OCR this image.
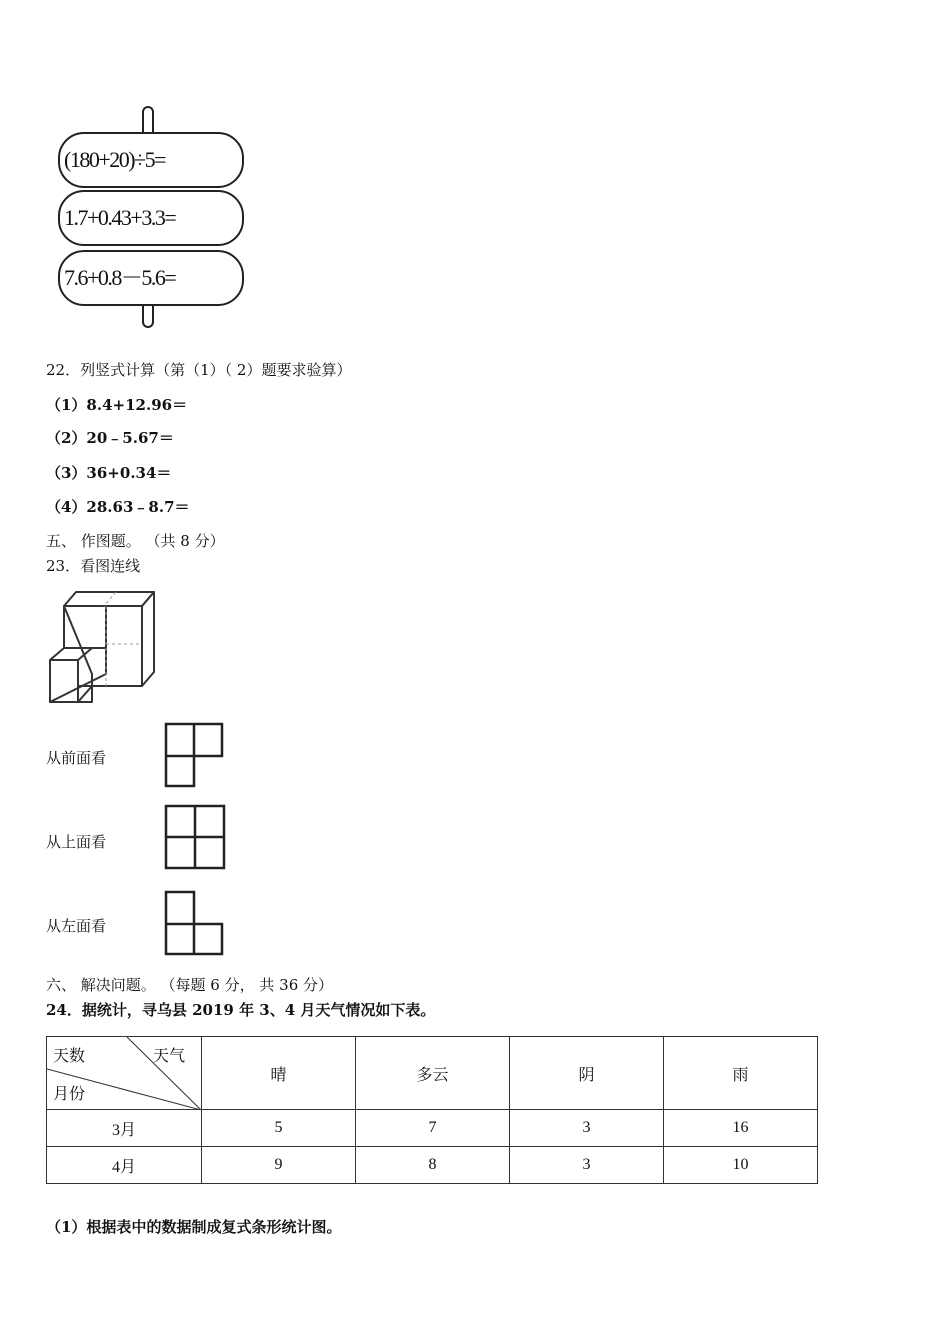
(180+20)÷5=
1.7+0.43+3.3=
7.6+0.8－5.6=
22．列竖式计算（第（1）（ 2）题要求验算）
（1）8.4+12.96＝
（2）20﹣5.67＝
（3）36+0.34＝
（4）28.63﹣8.7＝
五、 作图题。 （共 8 分）
23．看图连线
从前面看
从上面看
从左面看
六、 解决问题。 （每题 6 分， 共 36 分）
24．据统计，寻乌县 2019 年 3、4 月天气情况如下表。
天数 天气
月份	晴	多云	阴	雨
3月	5	7	3	16
4月	9	8	3	10
（1）根据表中的数据制成复式条形统计图。
